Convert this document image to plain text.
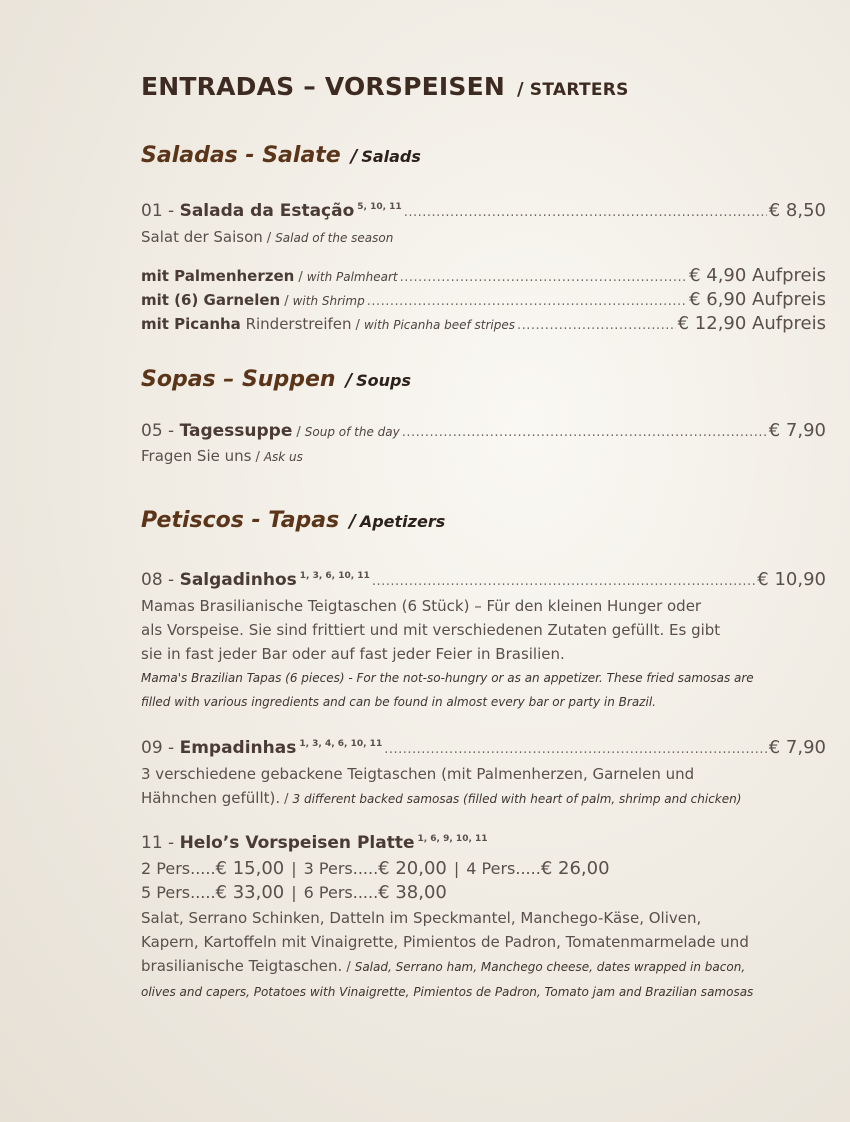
ENTRADAS – VORSPEISEN / STARTERS
Saladas - Salate / Salads
01 - Salada da Estação $^{5, 10, 11}$ .....	€ 8,50
Salat der Saison / Salad of the season
mit Palmenherzen / with Palmheart .....	€ 4,90 Aufpreis
mit (6) Garnelen / with Shrimp .....	€ 6,90 Aufpreis
mit Picanha Rinderstreifen / with Picanha beef stripes .....	€ 12,90 Aufpreis
Sopas – Suppen / Soups
05 - Tagessuppe / Soup of the day .....	€ 7,90
Fragen Sie uns / Ask us
Petiscos - Tapas / Apetizers
08 - Salgadinhos $^{1, 3, 6, 10, 11}$ .....	€ 10,90
Mamas Brasilianische Teigtaschen (6 Stück) – Für den kleinen Hunger oder
als Vorspeise. Sie sind frittiert und mit verschiedenen Zutaten gefüllt. Es gibt
sie in fast jeder Bar oder auf fast jeder Feier in Brasilien.
Mama's Brazilian Tapas (6 pieces) - For the not-so-hungry or as an appetizer. These fried samosas are
filled with various ingredients and can be found in almost every bar or party in Brazil.
09 - Empadinhas $^{1, 3, 4, 6, 10, 11}$ .....	€ 7,90
3 verschiedene gebackene Teigtaschen (mit Palmenherzen, Garnelen und
Hähnchen gefüllt). / 3 different backed samosas (filled with heart of palm, shrimp and chicken)
11 - Helo’s Vorspeisen Platte $^{1, 6, 9, 10, 11}$
2 Pers.....€ 15,00 | 3 Pers.....€ 20,00 | 4 Pers.....€ 26,00
5 Pers.....€ 33,00 | 6 Pers.....€ 38,00
Salat, Serrano Schinken, Datteln im Speckmantel, Manchego-Käse, Oliven,
Kapern, Kartoffeln mit Vinaigrette, Pimientos de Padron, Tomatenmarmelade und
brasilianische Teigtaschen. / Salad, Serrano ham, Manchego cheese, dates wrapped in bacon,
olives and capers, Potatoes with Vinaigrette, Pimientos de Padron, Tomato jam and Brazilian samosas
